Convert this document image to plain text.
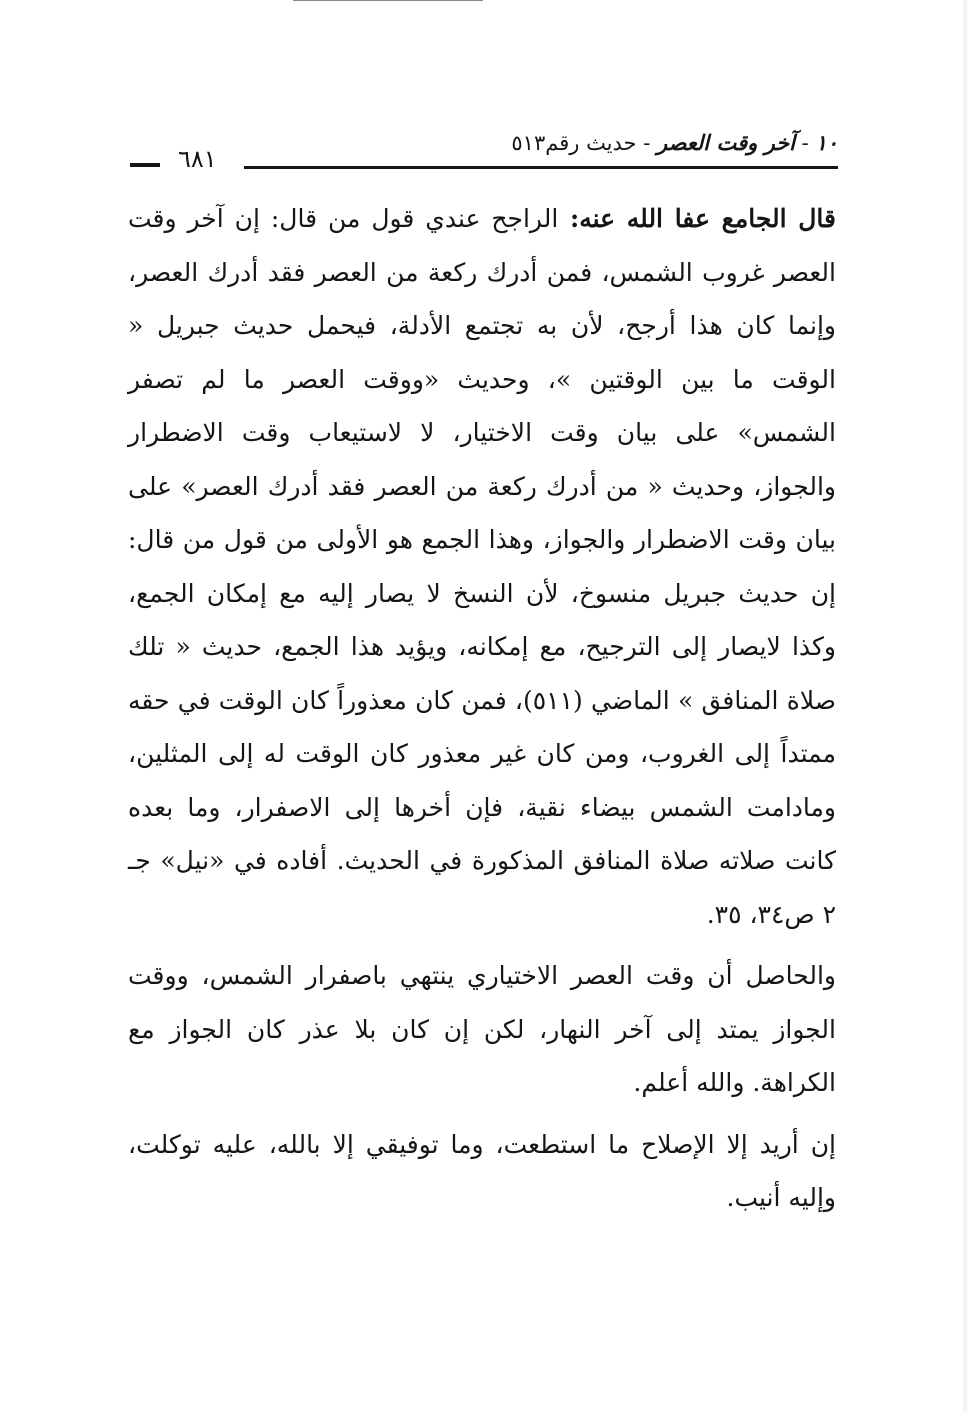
١٠ - آخر وقت العصر - حديث رقم٥١٣
٦٨١

قال الجامع عفا الله عنه: الراجح عندي قول من قال: إن آخر وقت العصر غروب الشمس، فمن أدرك ركعة من العصر فقد أدرك العصر، وإنما كان هذا أرجح، لأن به تجتمع الأدلة، فيحمل حديث جبريل « الوقت ما بين الوقتين »، وحديث «ووقت العصر ما لم تصفر الشمس» على بيان وقت الاختيار، لا لاستيعاب وقت الاضطرار والجواز، وحديث « من أدرك ركعة من العصر فقد أدرك العصر» على بيان وقت الاضطرار والجواز، وهذا الجمع هو الأولى من قول من قال: إن حديث جبريل منسوخ، لأن النسخ لا يصار إليه مع إمكان الجمع، وكذا لايصار إلى الترجيح، مع إمكانه، ويؤيد هذا الجمع، حديث « تلك صلاة المنافق » الماضي (٥١١)، فمن كان معذوراً كان الوقت في حقه ممتداً إلى الغروب، ومن كان غير معذور كان الوقت له إلى المثلين، ومادامت الشمس بيضاء نقية، فإن أخرها إلى الاصفرار، وما بعده كانت صلاته صلاة المنافق المذكورة في الحديث. أفاده في «نيل» جـ ٢ ص٣٤، ٣٥.

والحاصل أن وقت العصر الاختياري ينتهي باصفرار الشمس، ووقت الجواز يمتد إلى آخر النهار، لكن إن كان بلا عذر كان الجواز مع الكراهة. والله أعلم.

إن أريد إلا الإصلاح ما استطعت، وما توفيقي إلا بالله، عليه توكلت، وإليه أنيب.
